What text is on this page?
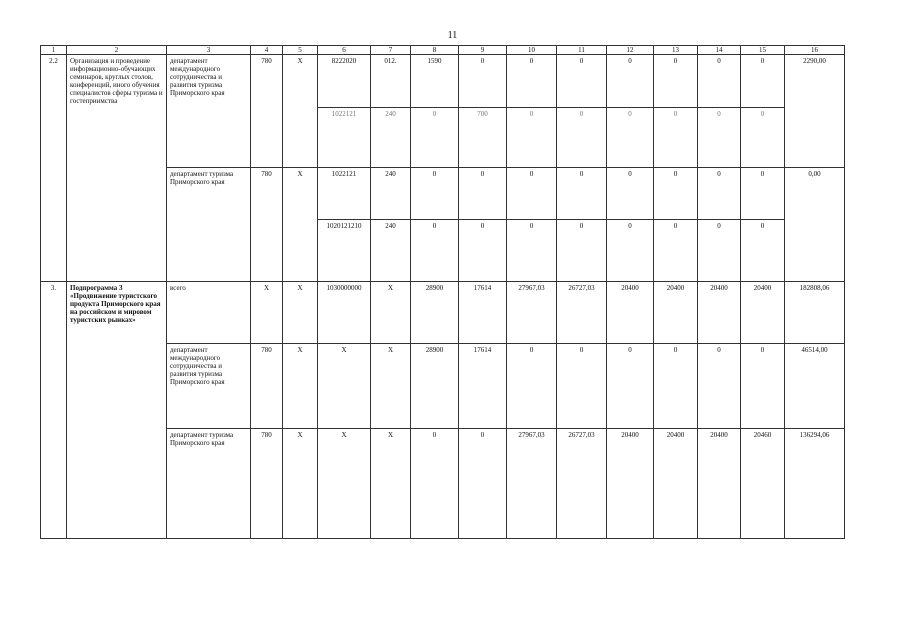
11
1	2	3	4	5	6	7	8	9	10	11	12	13	14	15	16
2.2	Организация и проведение информационно-обучающих семинаров, круглых столов, конференций, иного обучения специалистов сферы туризма и гостеприимства	департамент международного сотрудничества и развития туризма Приморского края	780	X	8222020	012.	1590	0	0	0	0	0	0	0	2290,00
					1022121	240	0	700	0	0	0	0	0	0	
		департамент туризма Приморского края	780	X	1022121	240	0	0	0	0	0	0	0	0	0,00
					1020121210	240	0	0	0	0	0	0	0	0	
3.	Подпрограмма 3 «Продвижение туристского продукта Приморского края на российском и мировом туристских рынках»	всего	X	X	1030000000	X	28900	17614	27967,03	26727,03	20400	20400	20400	20400	182808,06
		департамент международного сотрудничества и развития туризма Приморского края	780	X	X	X	28900	17614	0	0	0	0	0	0	46514,00
		департамент туризма Приморского края	780	X	X	X	0	0	27967,03	26727,03	20400	20400	20400	20460	136294,06
